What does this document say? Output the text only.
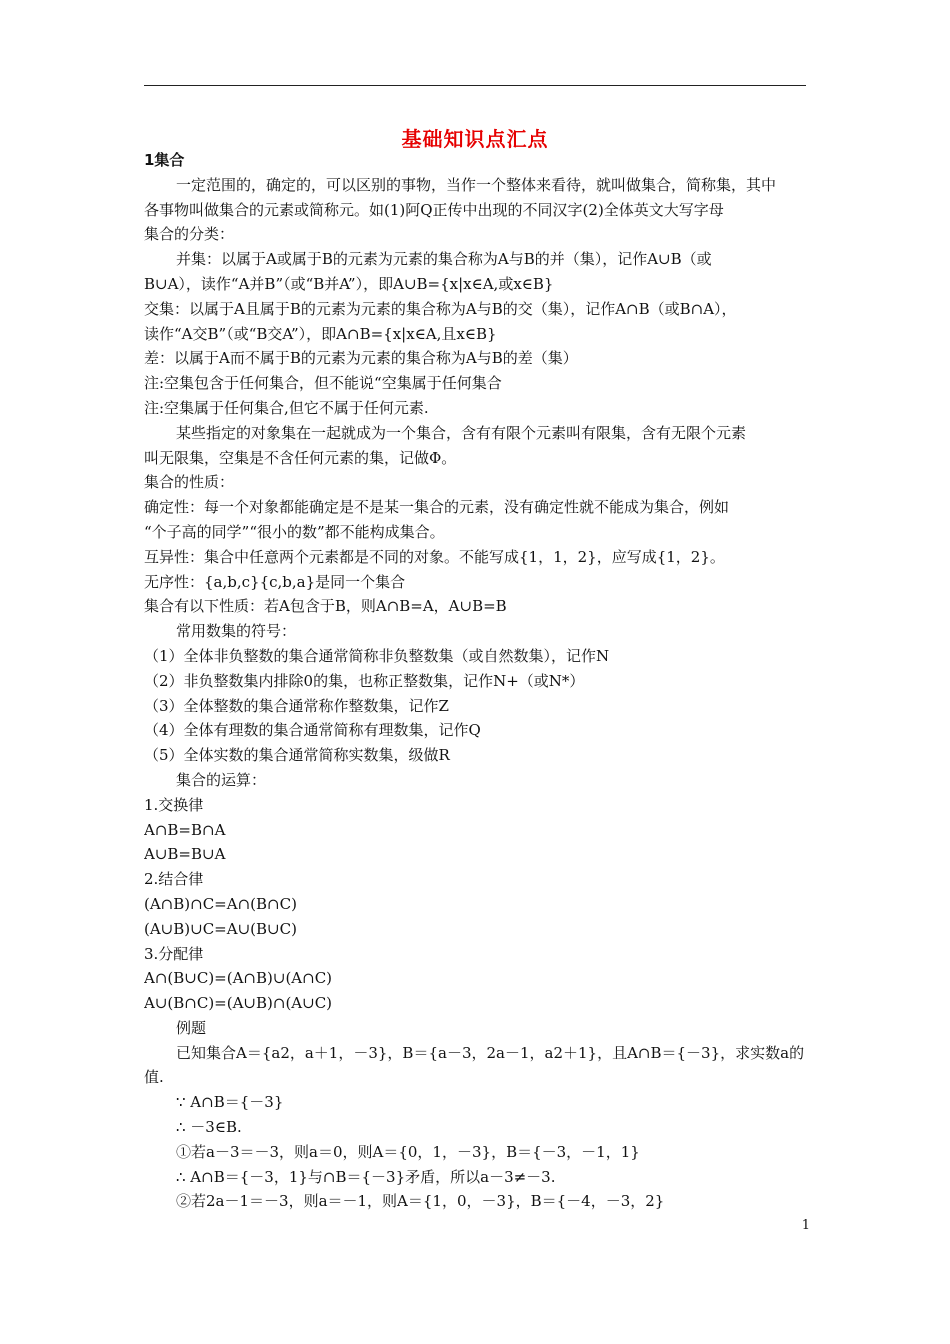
基础知识点汇点
1集合
一定范围的，确定的，可以区别的事物，当作一个整体来看待，就叫做集合，简称集，其中
各事物叫做集合的元素或简称元。如(1)阿Q正传中出现的不同汉字(2)全体英文大写字母
集合的分类：
并集：以属于A或属于B的元素为元素的集合称为A与B的并（集），记作A∪B（或
B∪A），读作“A并B”（或“B并A”），即A∪B={x|x∈A,或x∈B}
交集：以属于A且属于B的元素为元素的集合称为A与B的交（集），记作A∩B（或B∩A），
读作“A交B”（或“B交A”），即A∩B={x|x∈A,且x∈B}
差：以属于A而不属于B的元素为元素的集合称为A与B的差（集）
注:空集包含于任何集合，但不能说“空集属于任何集合
注:空集属于任何集合,但它不属于任何元素.
某些指定的对象集在一起就成为一个集合，含有有限个元素叫有限集，含有无限个元素
叫无限集，空集是不含任何元素的集，记做Φ。
集合的性质：
确定性：每一个对象都能确定是不是某一集合的元素，没有确定性就不能成为集合，例如
“个子高的同学”“很小的数”都不能构成集合。
互异性：集合中任意两个元素都是不同的对象。不能写成{1，1，2}，应写成{1，2}。
无序性：{a,b,c}{c,b,a}是同一个集合
集合有以下性质：若A包含于B，则A∩B=A，A∪B=B
常用数集的符号：
（1）全体非负整数的集合通常简称非负整数集（或自然数集），记作N
（2）非负整数集内排除0的集，也称正整数集，记作N+（或N*）
（3）全体整数的集合通常称作整数集，记作Z
（4）全体有理数的集合通常简称有理数集，记作Q
（5）全体实数的集合通常简称实数集，级做R
集合的运算：
1.交换律
A∩B=B∩A
A∪B=B∪A
2.结合律
(A∩B)∩C=A∩(B∩C)
(A∪B)∪C=A∪(B∪C)
3.分配律
A∩(B∪C)=(A∩B)∪(A∩C)
A∪(B∩C)=(A∪B)∩(A∪C)
例题
已知集合A＝{a2，a＋1，－3}，B＝{a－3，2a－1，a2＋1}，且A∩B＝{－3}，求实数a的
值.
∵ A∩B＝{－3}
∴ －3∈B.
①若a－3＝－3，则a＝0，则A＝{0，1，－3}，B＝{－3，－1，1}
∴ A∩B＝{－3，1}与∩B＝{－3}矛盾，所以a－3≠－3.
②若2a－1＝－3，则a＝－1，则A＝{1，0，－3}，B＝{－4，－3，2}
1
